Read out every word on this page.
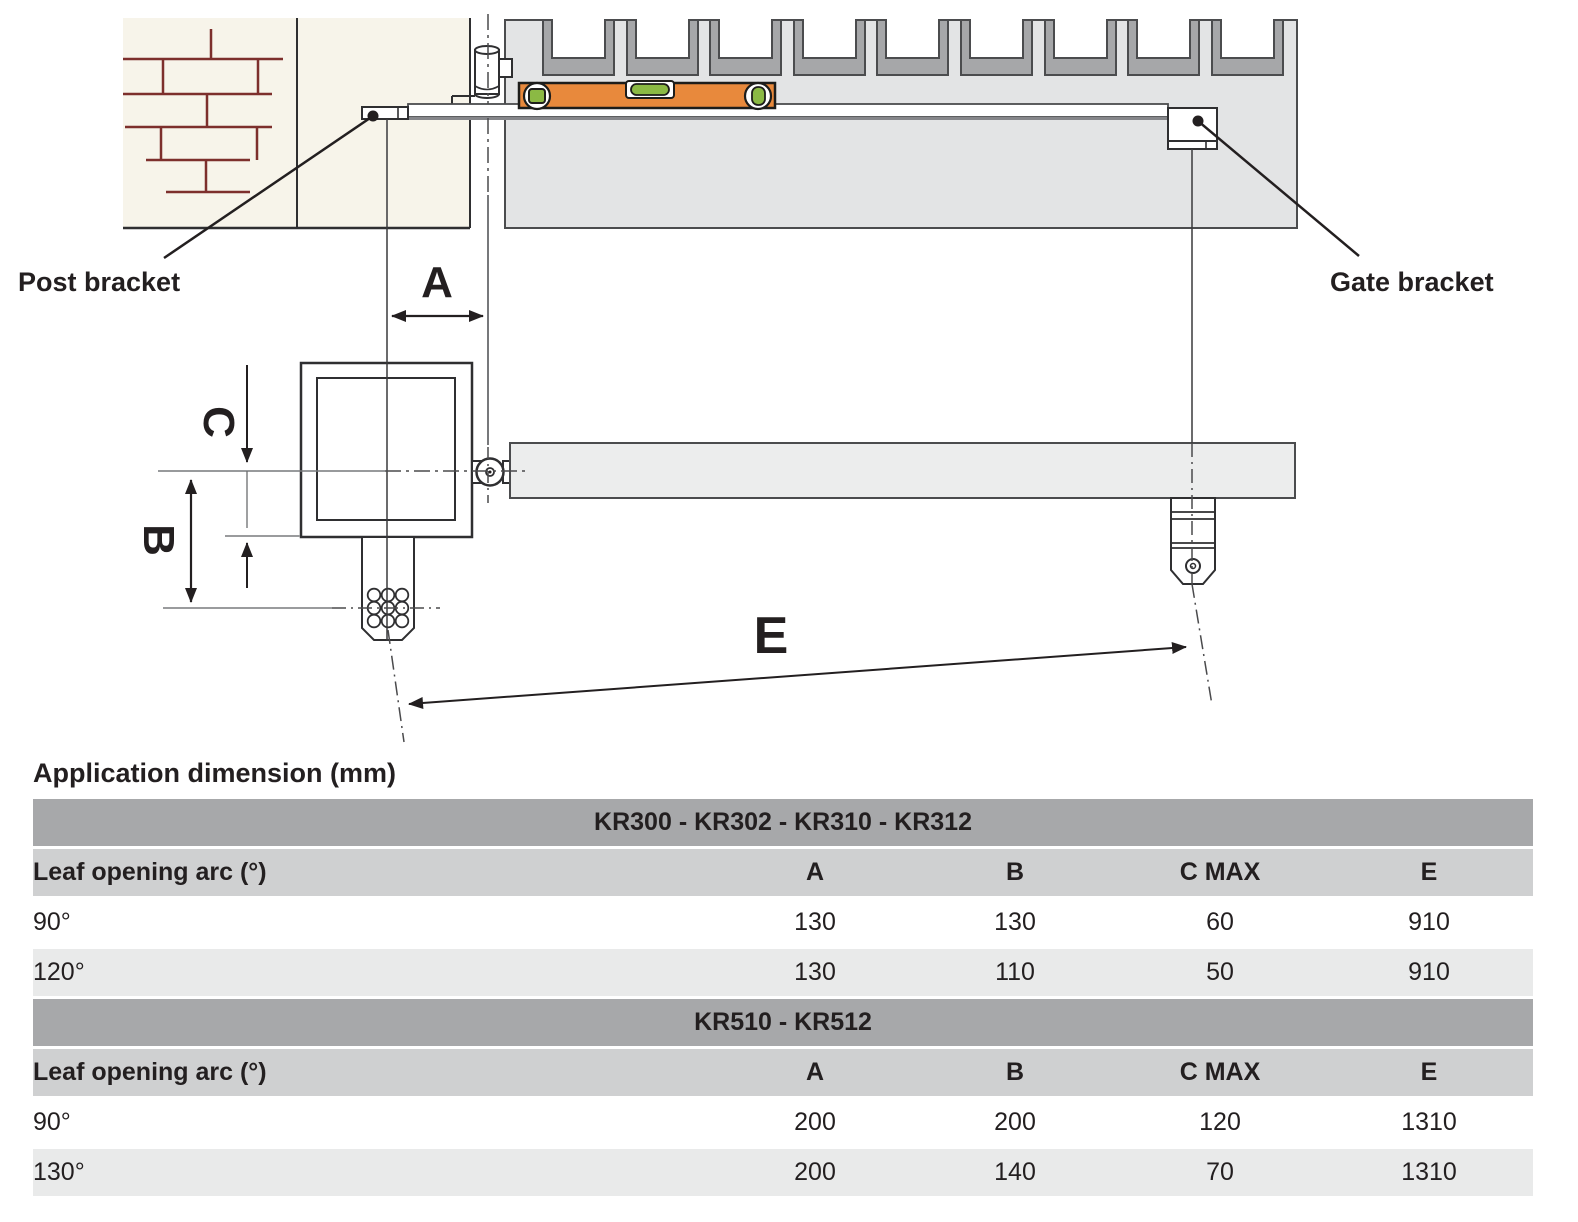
A
B
C
E
Post bracket	Gate bracket
Application dimension (mm)
KR300 - KR302 - KR310 - KR312				
Leaf opening arc (°)	A	B	C MAX	E
90°	130	130	60	910
120°	130	110	50	910
KR510 - KR512				
Leaf opening arc (°)	A	B	C MAX	E
90°	200	200	120	1310
130°	200	140	70	1310
